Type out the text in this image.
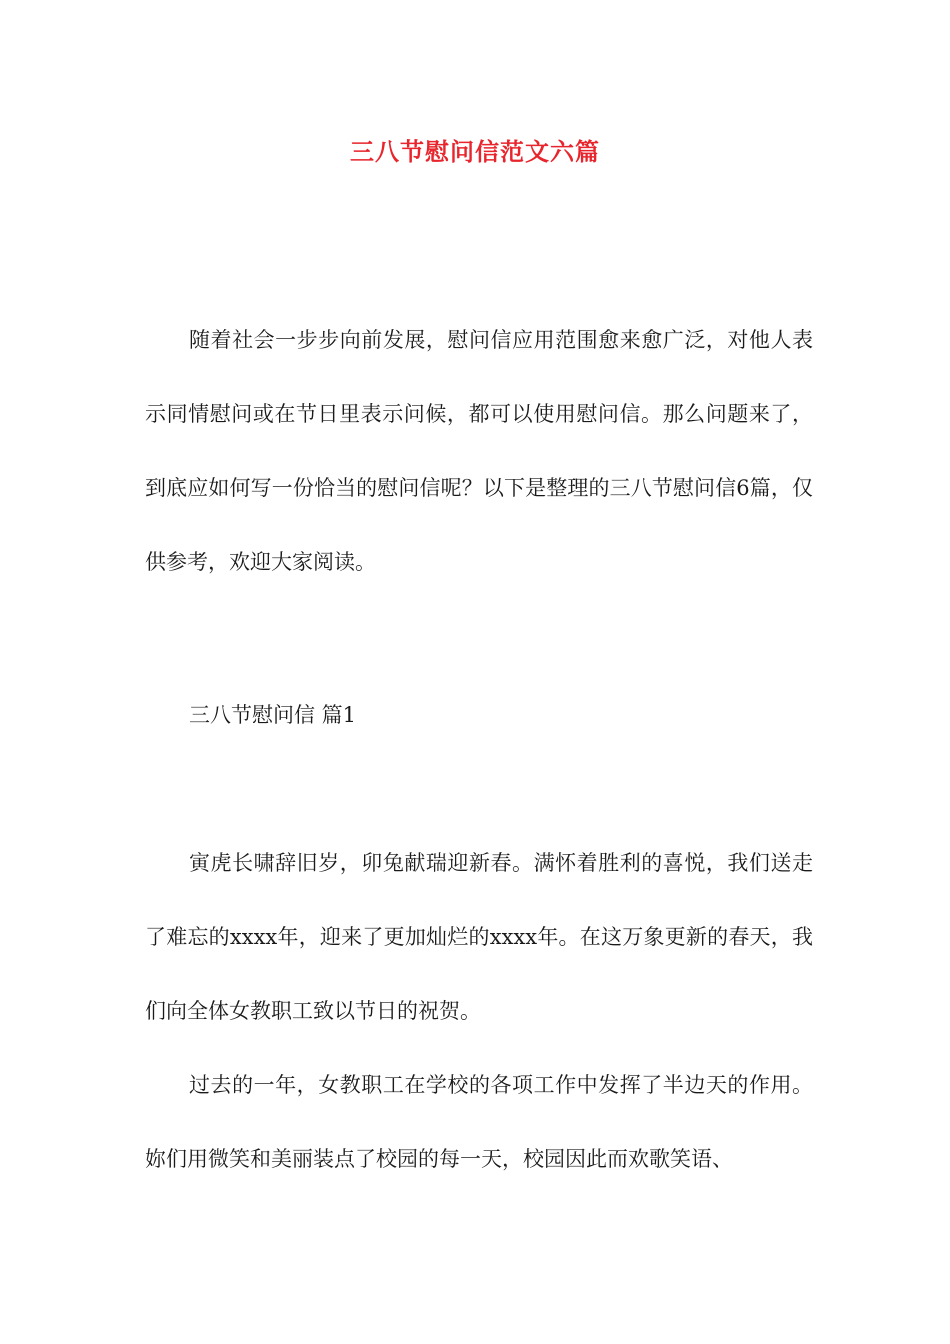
三八节慰问信范文六篇

随着社会一步步向前发展，慰问信应用范围愈来愈广泛，对他人表示同情慰问或在节日里表示问候，都可以使用慰问信。那么问题来了，到底应如何写一份恰当的慰问信呢？以下是整理的三八节慰问信6篇，仅供参考，欢迎大家阅读。

三八节慰问信 篇1

寅虎长啸辞旧岁，卯兔献瑞迎新春。满怀着胜利的喜悦，我们送走了难忘的xxxx年，迎来了更加灿烂的xxxx年。在这万象更新的春天，我们向全体女教职工致以节日的祝贺。

过去的一年，女教职工在学校的各项工作中发挥了半边天的作用。妳们用微笑和美丽装点了校园的每一天，校园因此而欢歌笑语、
